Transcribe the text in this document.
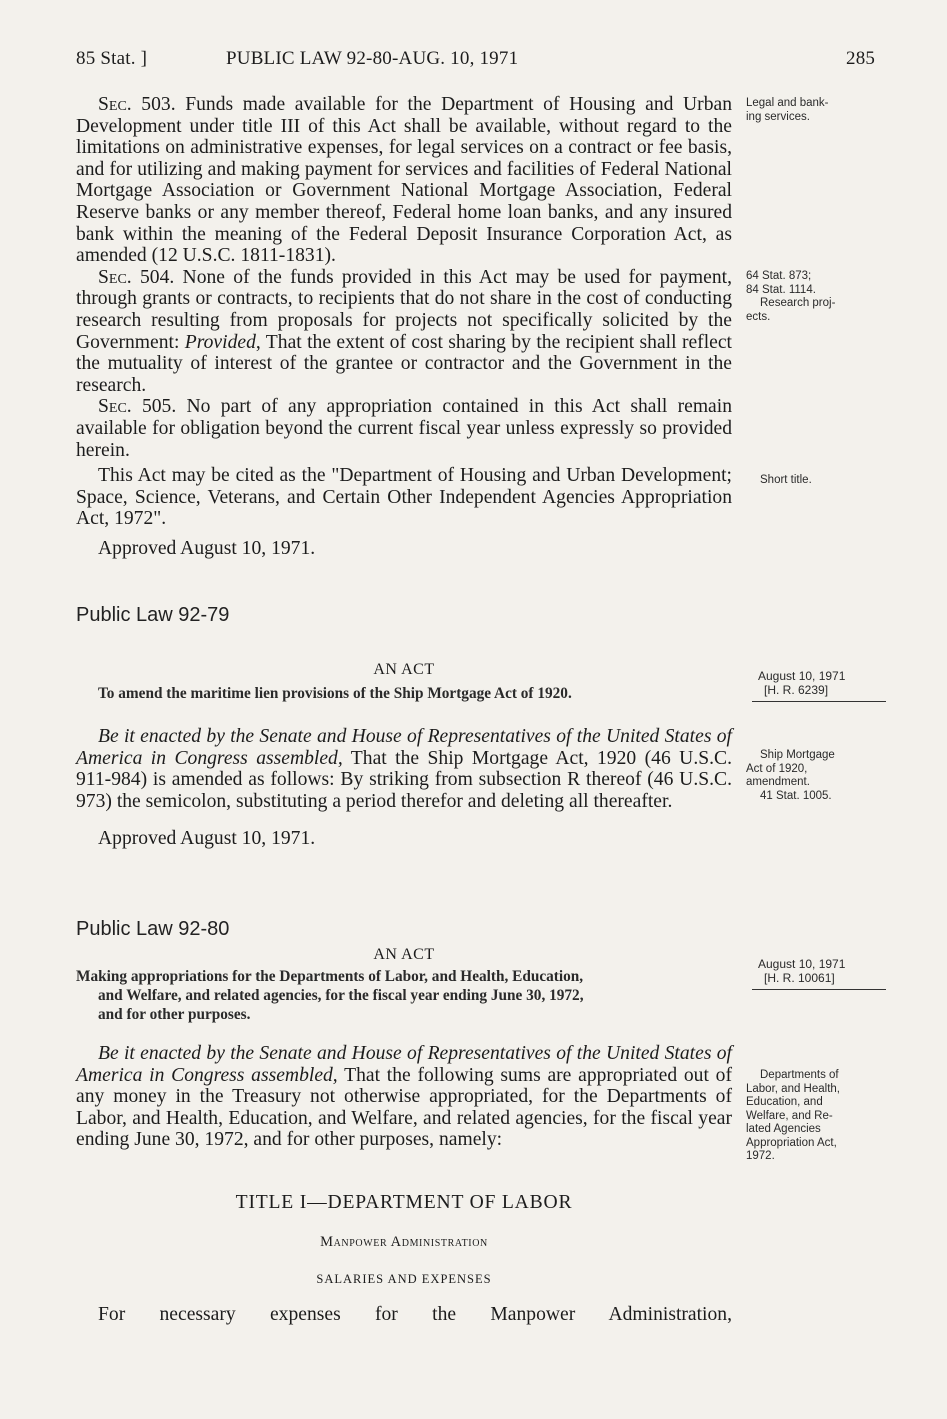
85 Stat. ]	PUBLIC LAW 92-80-AUG. 10, 1971	285

Sec. 503. Funds made available for the Department of Housing and Urban Development under title III of this Act shall be available, without regard to the limitations on administrative expenses, for legal services on a contract or fee basis, and for utilizing and making payment for services and facilities of Federal National Mortgage Association or Government National Mortgage Association, Federal Reserve banks or any member thereof, Federal home loan banks, and any insured bank within the meaning of the Federal Deposit Insurance Corporation Act, as amended (12 U.S.C. 1811-1831).

Sec. 504. None of the funds provided in this Act may be used for payment, through grants or contracts, to recipients that do not share in the cost of conducting research resulting from proposals for projects not specifically solicited by the Government: Provided, That the extent of cost sharing by the recipient shall reflect the mutuality of interest of the grantee or contractor and the Government in the research.

Sec. 505. No part of any appropriation contained in this Act shall remain available for obligation beyond the current fiscal year unless expressly so provided herein.

This Act may be cited as the "Department of Housing and Urban Development; Space, Science, Veterans, and Certain Other Independent Agencies Appropriation Act, 1972".

Approved August 10, 1971.
Public Law 92-79
AN ACT
To amend the maritime lien provisions of the Ship Mortgage Act of 1920.

Be it enacted by the Senate and House of Representatives of the United States of America in Congress assembled, That the Ship Mortgage Act, 1920 (46 U.S.C. 911-984) is amended as follows: By striking from subsection R thereof (46 U.S.C. 973) the semicolon, substituting a period therefor and deleting all thereafter.

Approved August 10, 1971.
Public Law 92-80
AN ACT
Making appropriations for the Departments of Labor, and Health, Education,
and Welfare, and related agencies, for the fiscal year ending June 30, 1972,
and for other purposes.

Be it enacted by the Senate and House of Representatives of the United States of America in Congress assembled, That the following sums are appropriated out of any money in the Treasury not otherwise appropriated, for the Departments of Labor, and Health, Education, and Welfare, and related agencies, for the fiscal year ending June 30, 1972, and for other purposes, namely:

TITLE I—DEPARTMENT OF LABOR
Manpower Administration
SALARIES AND EXPENSES
For necessary expenses for the Manpower Administration,
Legal and bank-
ing services.
64 Stat. 873;
84 Stat. 1114.
Research proj-
ects.
Short title.
August 10, 1971
[H. R. 6239]
Ship Mortgage
Act of 1920,
amendment.
41 Stat. 1005.
August 10, 1971
[H. R. 10061]
Departments of
Labor, and Health,
Education, and
Welfare, and Re-
lated Agencies
Appropriation Act,
1972.
